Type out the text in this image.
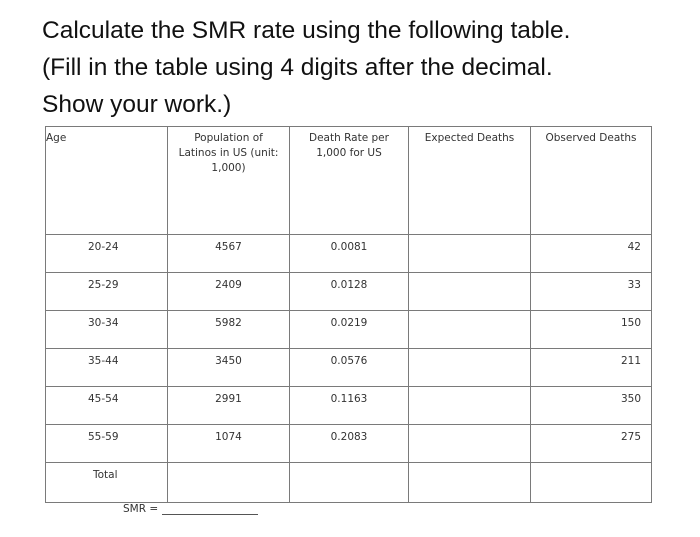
Calculate the SMR rate using the following table.
(Fill in the table using 4 digits after the decimal.
Show your work.)
Age	Population of Latinos in US (unit: 1,000)	Death Rate per 1,000 for US	Expected Deaths	Observed Deaths
20-24	4567	0.0081		42
25-29	2409	0.0128		33
30-34	5982	0.0219		150
35-44	3450	0.0576		211
45-54	2991	0.1163		350
55-59	1074	0.2083		275
Total				
SMR =
